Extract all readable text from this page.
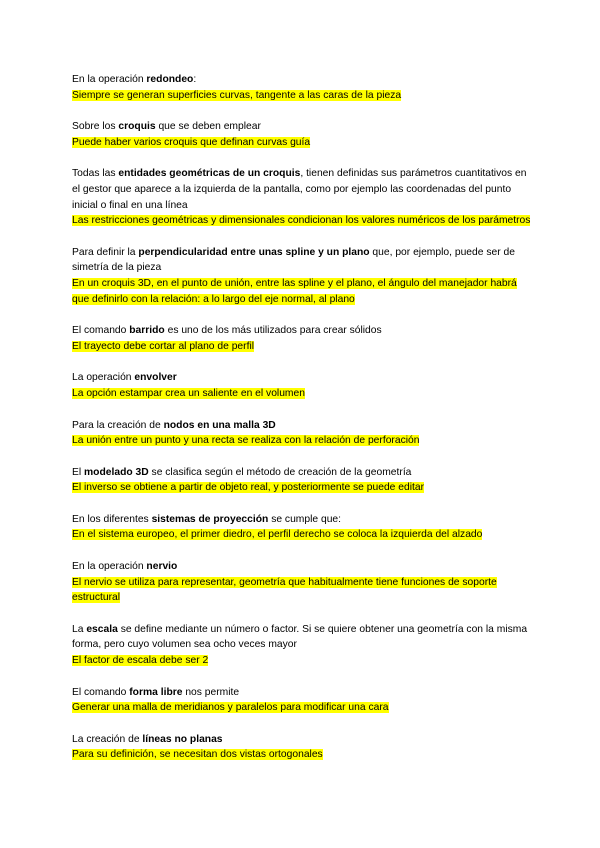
En la operación redondeo:
Siempre se generan superficies curvas, tangente a las caras de la pieza
Sobre los croquis que se deben emplear
Puede haber varios croquis que definan curvas guía
Todas las entidades geométricas de un croquis, tienen definidas sus parámetros cuantitativos en el gestor que aparece a la izquierda de la pantalla, como por ejemplo las coordenadas del punto inicial o final en una línea
Las restricciones geométricas y dimensionales condicionan los valores numéricos de los parámetros
Para definir la perpendicularidad entre unas spline y un plano que, por ejemplo, puede ser de simetría de la pieza
En un croquis 3D, en el punto de unión, entre las spline y el plano, el ángulo del manejador habrá que definirlo con la relación: a lo largo del eje normal, al plano
El comando barrido es uno de los más utilizados para crear sólidos
El trayecto debe cortar al plano de perfil
La operación envolver
La opción estampar crea un saliente en el volumen
Para la creación de nodos en una malla 3D
La unión entre un punto y una recta se realiza con la relación de perforación
El modelado 3D se clasifica según el método de creación de la geometría
El inverso se obtiene a partir de objeto real, y posteriormente se puede editar
En los diferentes sistemas de proyección se cumple que:
En el sistema europeo, el primer diedro, el perfil derecho se coloca la izquierda del alzado
En la operación nervio
El nervio se utiliza para representar, geometría que habitualmente tiene funciones de soporte estructural
La escala se define mediante un número o factor. Si se quiere obtener una geometría con la misma forma, pero cuyo volumen sea ocho veces mayor
El factor de escala debe ser 2
El comando forma libre nos permite
Generar una malla de meridianos y paralelos para modificar una cara
La creación de líneas no planas
Para su definición, se necesitan dos vistas ortogonales
